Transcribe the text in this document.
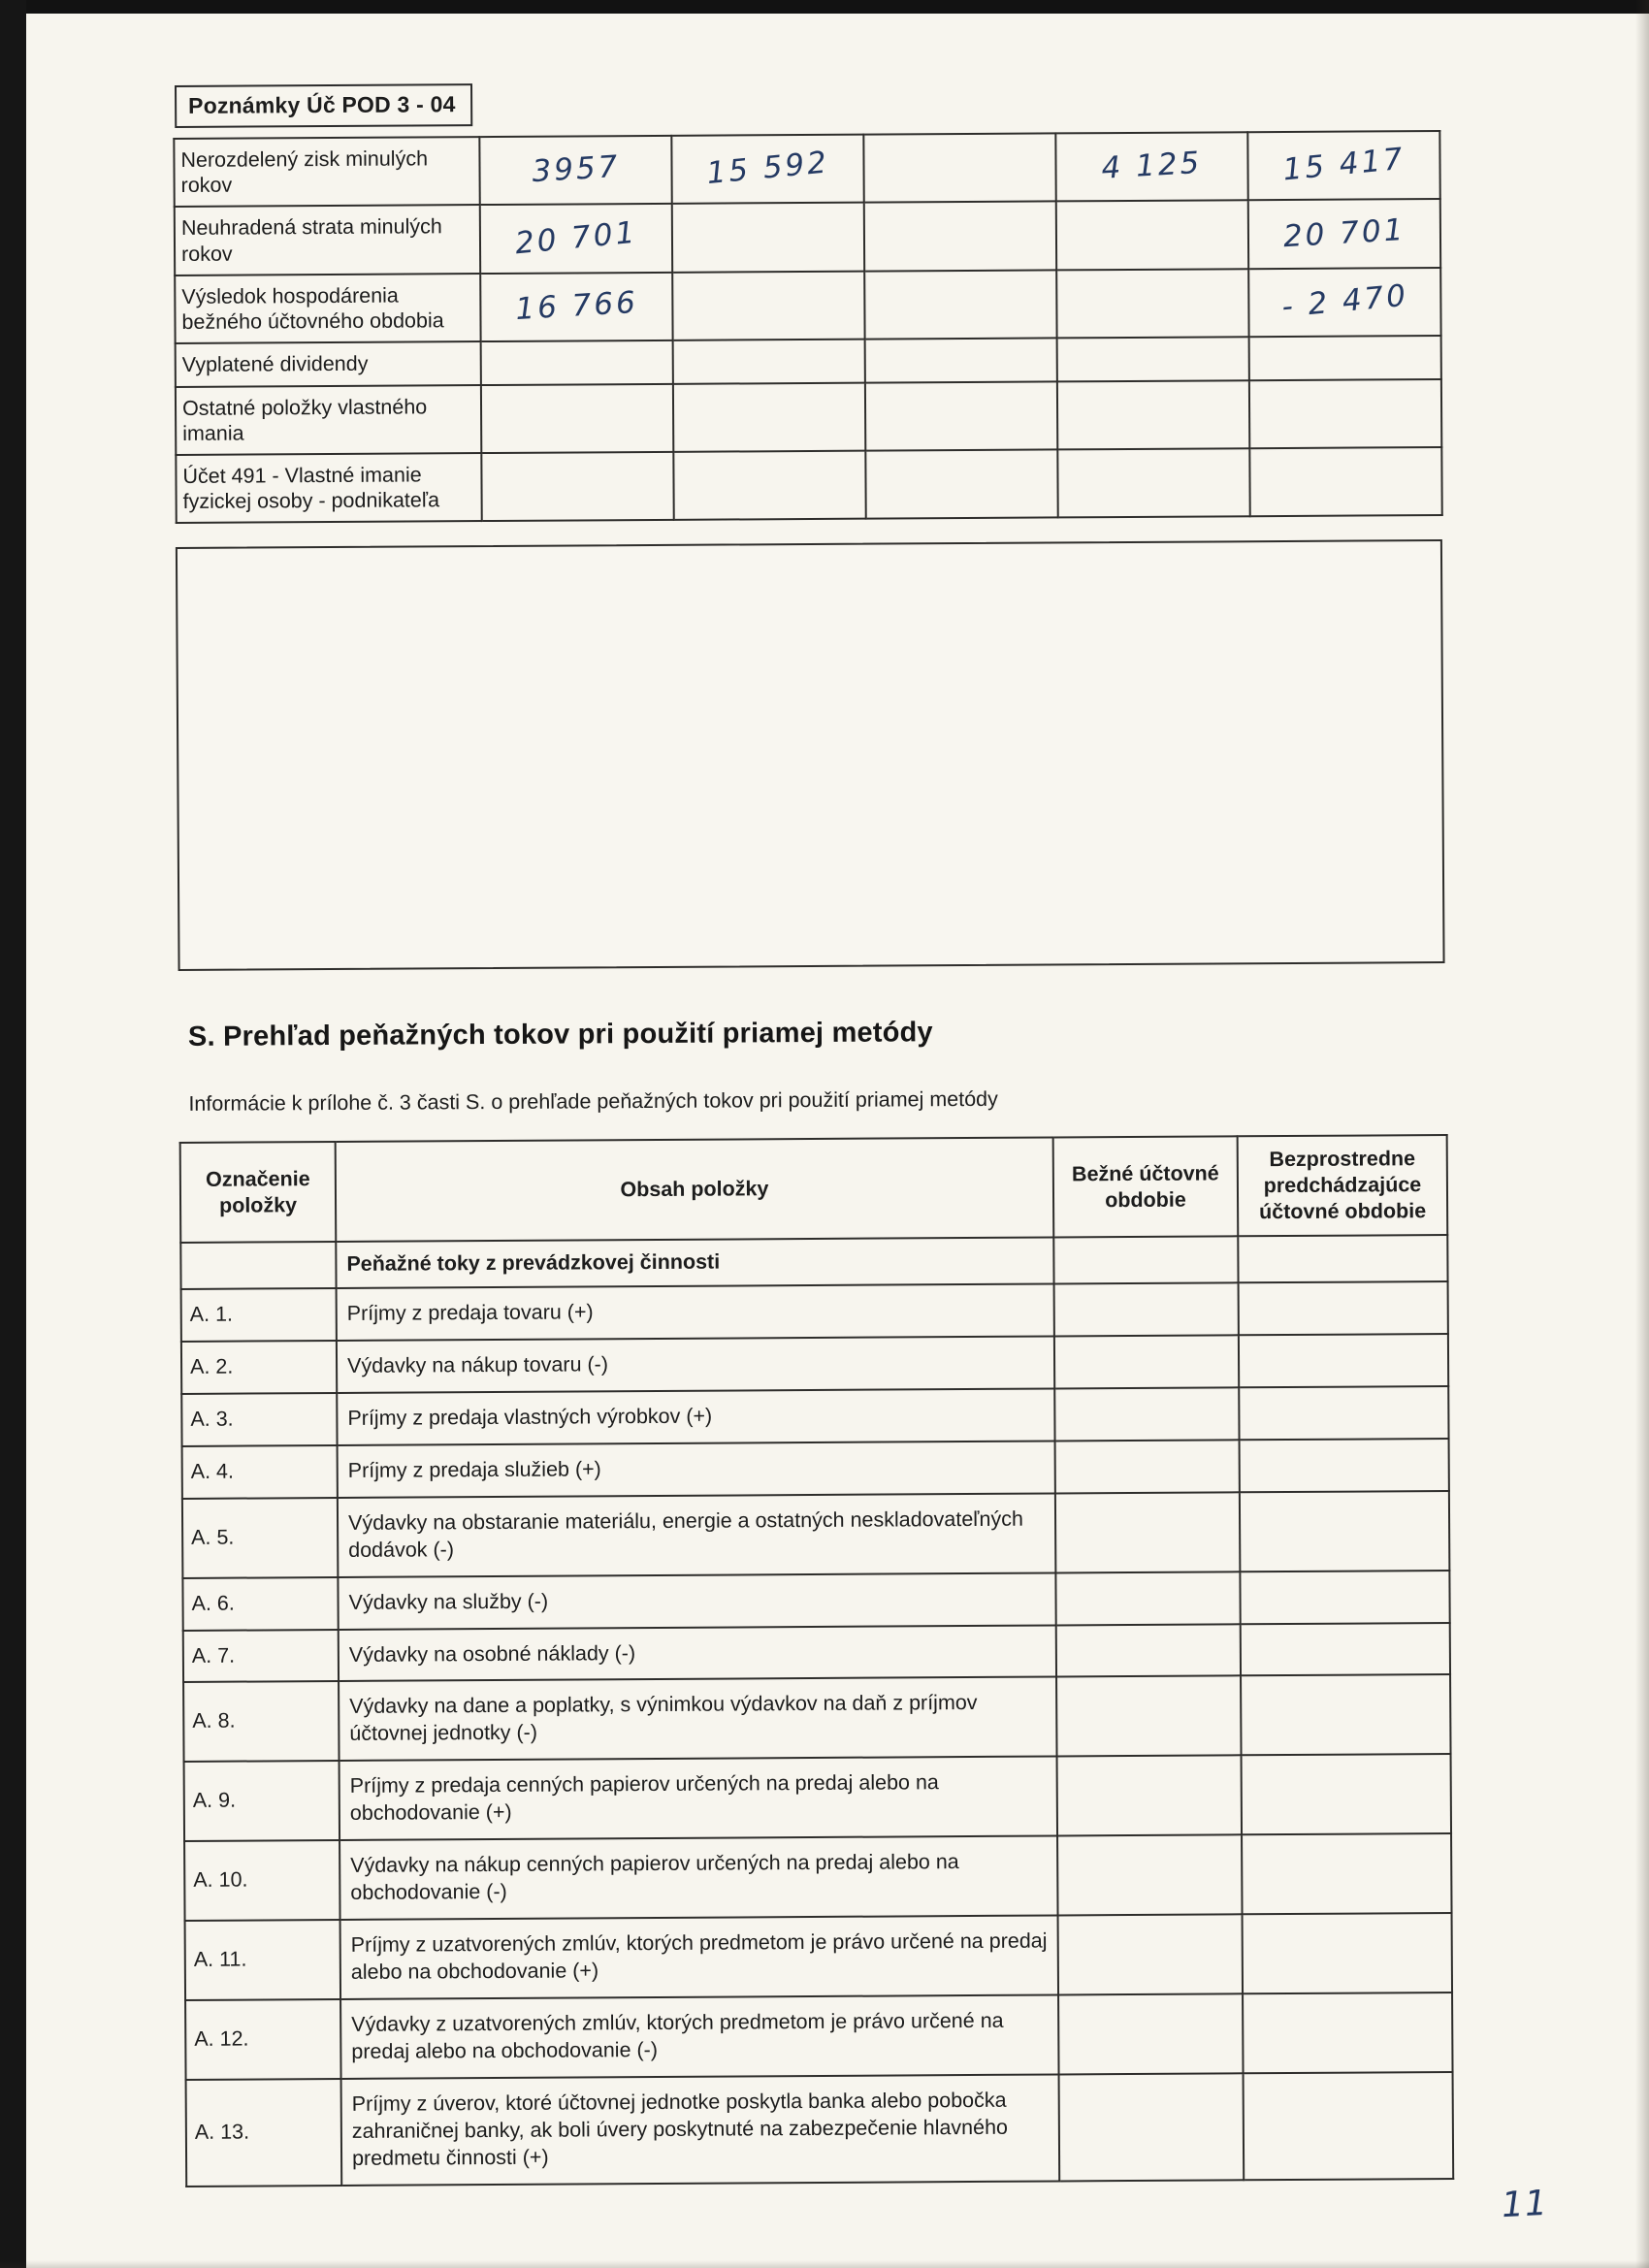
Poznámky Úč POD 3 - 04
Nerozdelený zisk minulých rokov	3957	15 592		4 125	15 417
Neuhradená strata minulých rokov	20 701				20 701
Výsledok hospodárenia bežného účtovného obdobia	16 766				- 2 470
Vyplatené dividendy					
Ostatné položky vlastného imania					
Účet 491 - Vlastné imanie fyzickej osoby - podnikateľa					
S. Prehľad peňažných tokov pri použití priamej metódy

Informácie k prílohe č. 3 časti S. o prehľade peňažných tokov pri použití priamej metódy

Označenie položky	Obsah položky	Bežné účtovné obdobie	Bezprostredne predchádzajúce účtovné obdobie
	Peňažné toky z prevádzkovej činnosti		
A. 1.	Príjmy z predaja tovaru (+)		
A. 2.	Výdavky na nákup tovaru (-)		
A. 3.	Príjmy z predaja vlastných výrobkov (+)		
A. 4.	Príjmy z predaja služieb (+)		
A. 5.	Výdavky na obstaranie materiálu, energie a ostatných neskladovateľných dodávok (-)		
A. 6.	Výdavky na služby (-)		
A. 7.	Výdavky na osobné náklady (-)		
A. 8.	Výdavky na dane a poplatky, s výnimkou výdavkov na daň z príjmov účtovnej jednotky (-)		
A. 9.	Príjmy z predaja cenných papierov určených na predaj alebo na obchodovanie (+)		
A. 10.	Výdavky na nákup cenných papierov určených na predaj alebo na obchodovanie (-)		
A. 11.	Príjmy z uzatvorených zmlúv, ktorých predmetom je právo určené na predaj alebo na obchodovanie (+)		
A. 12.	Výdavky z uzatvorených zmlúv, ktorých predmetom je právo určené na predaj alebo na obchodovanie (-)		
A. 13.	Príjmy z úverov, ktoré účtovnej jednotke poskytla banka alebo pobočka zahraničnej banky, ak boli úvery poskytnuté na zabezpečenie hlavného predmetu činnosti (+)		
11
